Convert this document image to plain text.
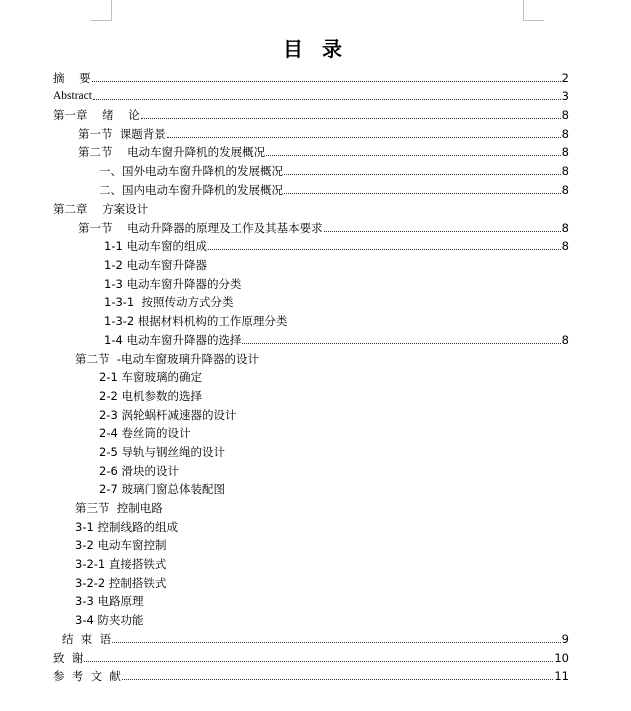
目 录
摘    要	2
Abstract	3
第一章    绪    论	8
第一节  课题背景	8
第二节    电动车窗升降机的发展概况	8
一、国外电动车窗升降机的发展概况	8
二、国内电动车窗升降机的发展概况	8
第二章    方案设计
第一节    电动升降器的原理及工作及其基本要求	8
1-1 电动车窗的组成	8
1-2 电动车窗升降器
1-3 电动车窗升降器的分类
1-3-1  按照传动方式分类
1-3-2 根据材料机构的工作原理分类
1-4 电动车窗升降器的选择	8
第二节  -电动车窗玻璃升降器的设计
2-1 车窗玻璃的确定
2-2 电机参数的选择
2-3 涡轮蜗杆减速器的设计
2-4 卷丝筒的设计
2-5 导轨与钢丝绳的设计
2-6 滑块的设计
2-7 玻璃门窗总体装配图
第三节  控制电路
3-1 控制线路的组成
3-2 电动车窗控制
3-2-1 直接搭铁式
3-2-2 控制搭铁式
3-3 电路原理
3-4 防夹功能
结  束  语	9
致  谢	10
参  考  文  献	11
